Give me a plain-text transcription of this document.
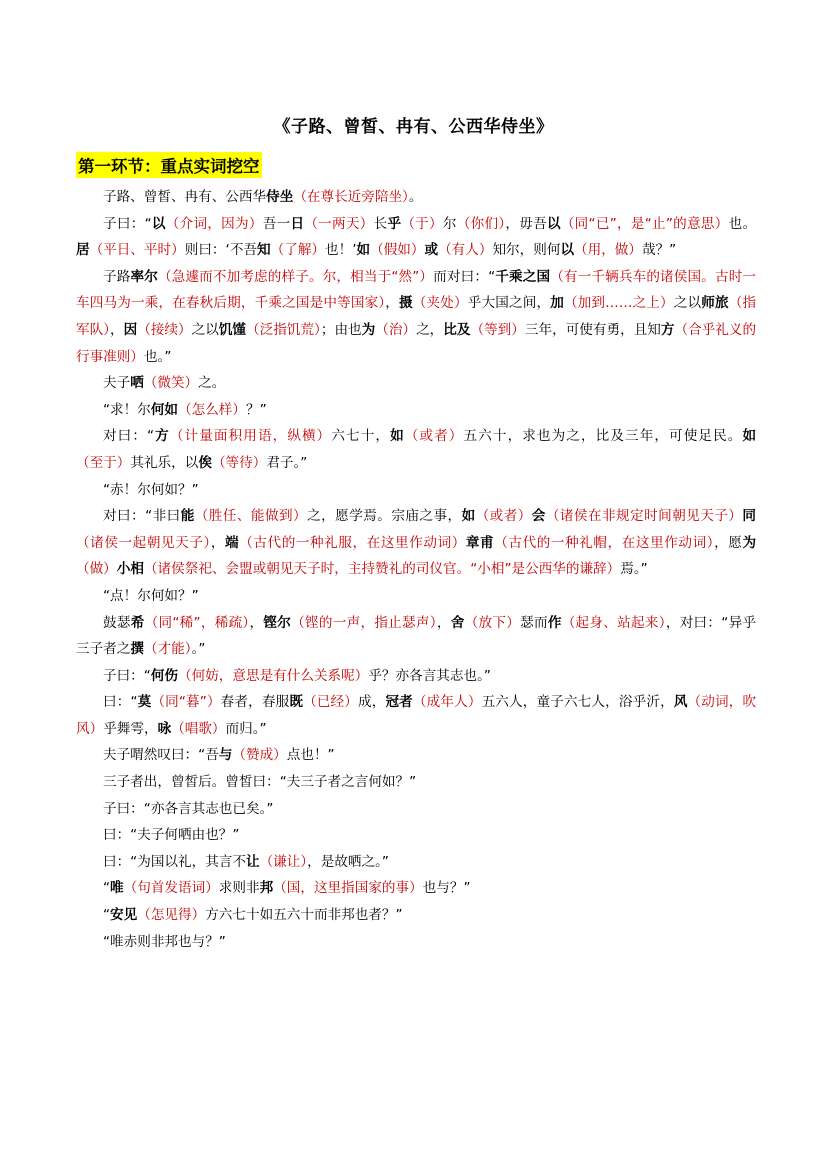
《子路、曾皙、冉有、公西华侍坐》
第一环节：重点实词挖空

子路、曾皙、冉有、公西华侍坐（在尊长近旁陪坐）。

子曰：“以（介词，因为）吾一日（一两天）长乎（于）尔（你们），毋吾以（同“已”，是“止”的意思）也。居（平日、平时）则曰：‘不吾知（了解）也！’如（假如）或（有人）知尔，则何以（用，做）哉？”

子路率尔（急遽而不加考虑的样子。尔，相当于“然”）而对曰：“千乘之国（有一千辆兵车的诸侯国。古时一车四马为一乘，在春秋后期，千乘之国是中等国家），摄（夹处）乎大国之间，加（加到……之上）之以师旅（指军队），因（接续）之以饥馑（泛指饥荒）；由也为（治）之，比及（等到）三年，可使有勇，且知方（合乎礼义的行事准则）也。”

夫子哂（微笑）之。

“求！尔何如（怎么样）？”

对曰：“方（计量面积用语，纵横）六七十，如（或者）五六十，求也为之，比及三年，可使足民。如（至于）其礼乐，以俟（等待）君子。”

“赤！尔何如？”

对曰：“非曰能（胜任、能做到）之，愿学焉。宗庙之事，如（或者）会（诸侯在非规定时间朝见天子）同（诸侯一起朝见天子），端（古代的一种礼服，在这里作动词）章甫（古代的一种礼帽，在这里作动词），愿为（做）小相（诸侯祭祀、会盟或朝见天子时，主持赞礼的司仪官。“小相”是公西华的谦辞）焉。”

“点！尔何如？”

鼓瑟希（同“稀”，稀疏），铿尔（铿的一声，指止瑟声），舍（放下）瑟而作（起身、站起来），对曰：“异乎三子者之撰（才能）。”

子曰：“何伤（何妨，意思是有什么关系呢）乎？亦各言其志也。”

曰：“莫（同“暮”）春者，春服既（已经）成，冠者（成年人）五六人，童子六七人，浴乎沂，风（动词，吹风）乎舞雩，咏（唱歌）而归。”

夫子喟然叹曰：“吾与（赞成）点也！”

三子者出，曾皙后。曾皙曰：“夫三子者之言何如？”

子曰：“亦各言其志也已矣。”

曰：“夫子何哂由也？”

曰：“为国以礼，其言不让（谦让），是故哂之。”

“唯（句首发语词）求则非邦（国，这里指国家的事）也与？”

“安见（怎见得）方六七十如五六十而非邦也者？”

“唯赤则非邦也与？”
